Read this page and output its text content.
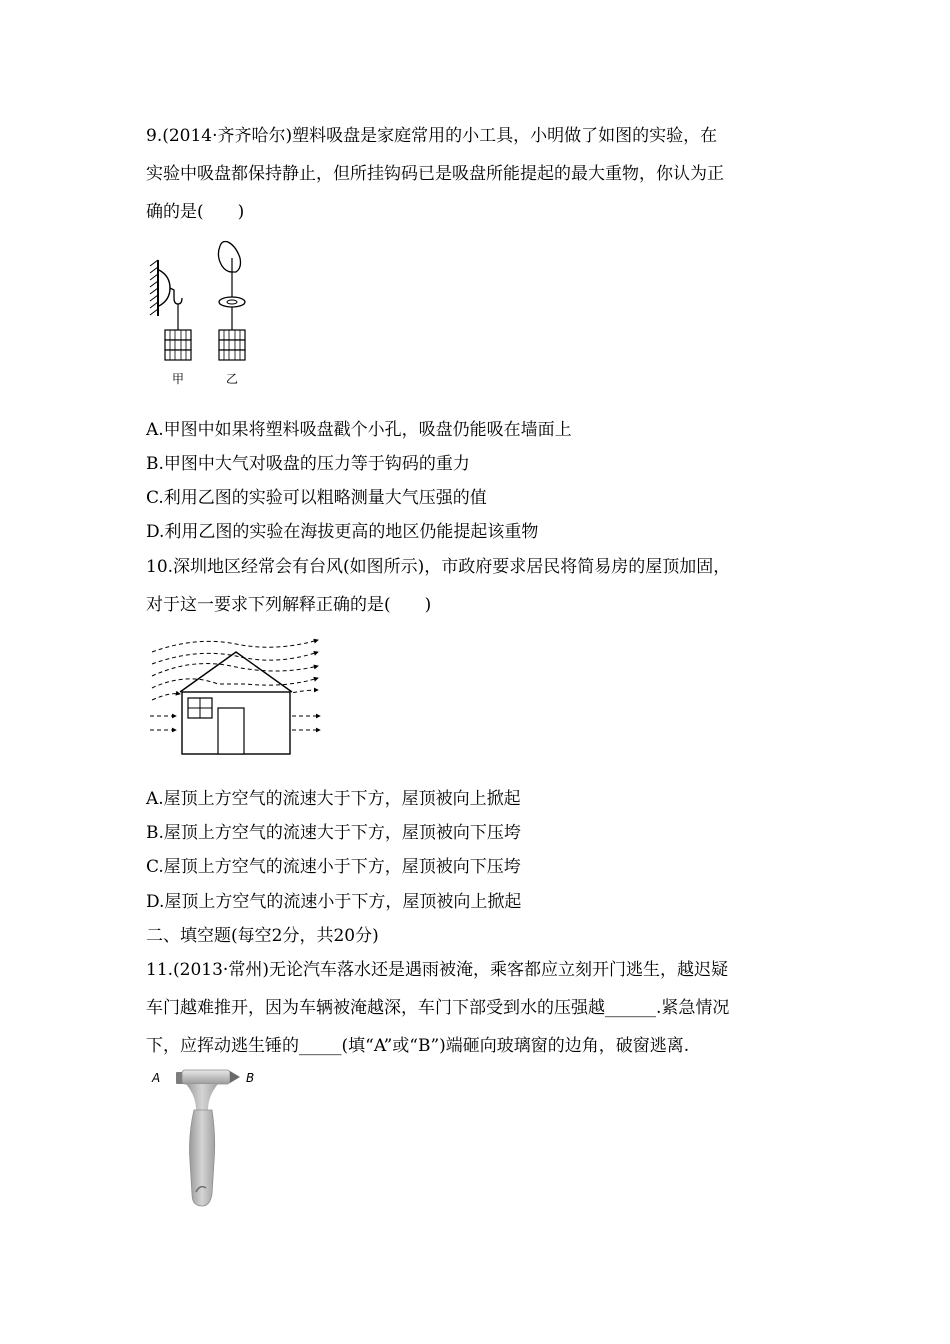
9.(2014·齐齐哈尔)塑料吸盘是家庭常用的小工具，小明做了如图的实验，在
实验中吸盘都保持静止，但所挂钩码已是吸盘所能提起的最大重物，你认为正
确的是(　　)
甲	乙
A.甲图中如果将塑料吸盘戳个小孔，吸盘仍能吸在墙面上
B.甲图中大气对吸盘的压力等于钩码的重力
C.利用乙图的实验可以粗略测量大气压强的值
D.利用乙图的实验在海拔更高的地区仍能提起该重物
10.深圳地区经常会有台风(如图所示)，市政府要求居民将简易房的屋顶加固，
对于这一要求下列解释正确的是(　　)
A.屋顶上方空气的流速大于下方，屋顶被向上掀起
B.屋顶上方空气的流速大于下方，屋顶被向下压垮
C.屋顶上方空气的流速小于下方，屋顶被向下压垮
D.屋顶上方空气的流速小于下方，屋顶被向上掀起
二、填空题(每空2分，共20分)
11.(2013·常州)无论汽车落水还是遇雨被淹，乘客都应立刻开门逃生，越迟疑
车门越难推开，因为车辆被淹越深，车门下部受到水的压强越______.紧急情况
下，应挥动逃生锤的_____(填“A”或“B”)端砸向玻璃窗的边角，破窗逃离.
A	B
